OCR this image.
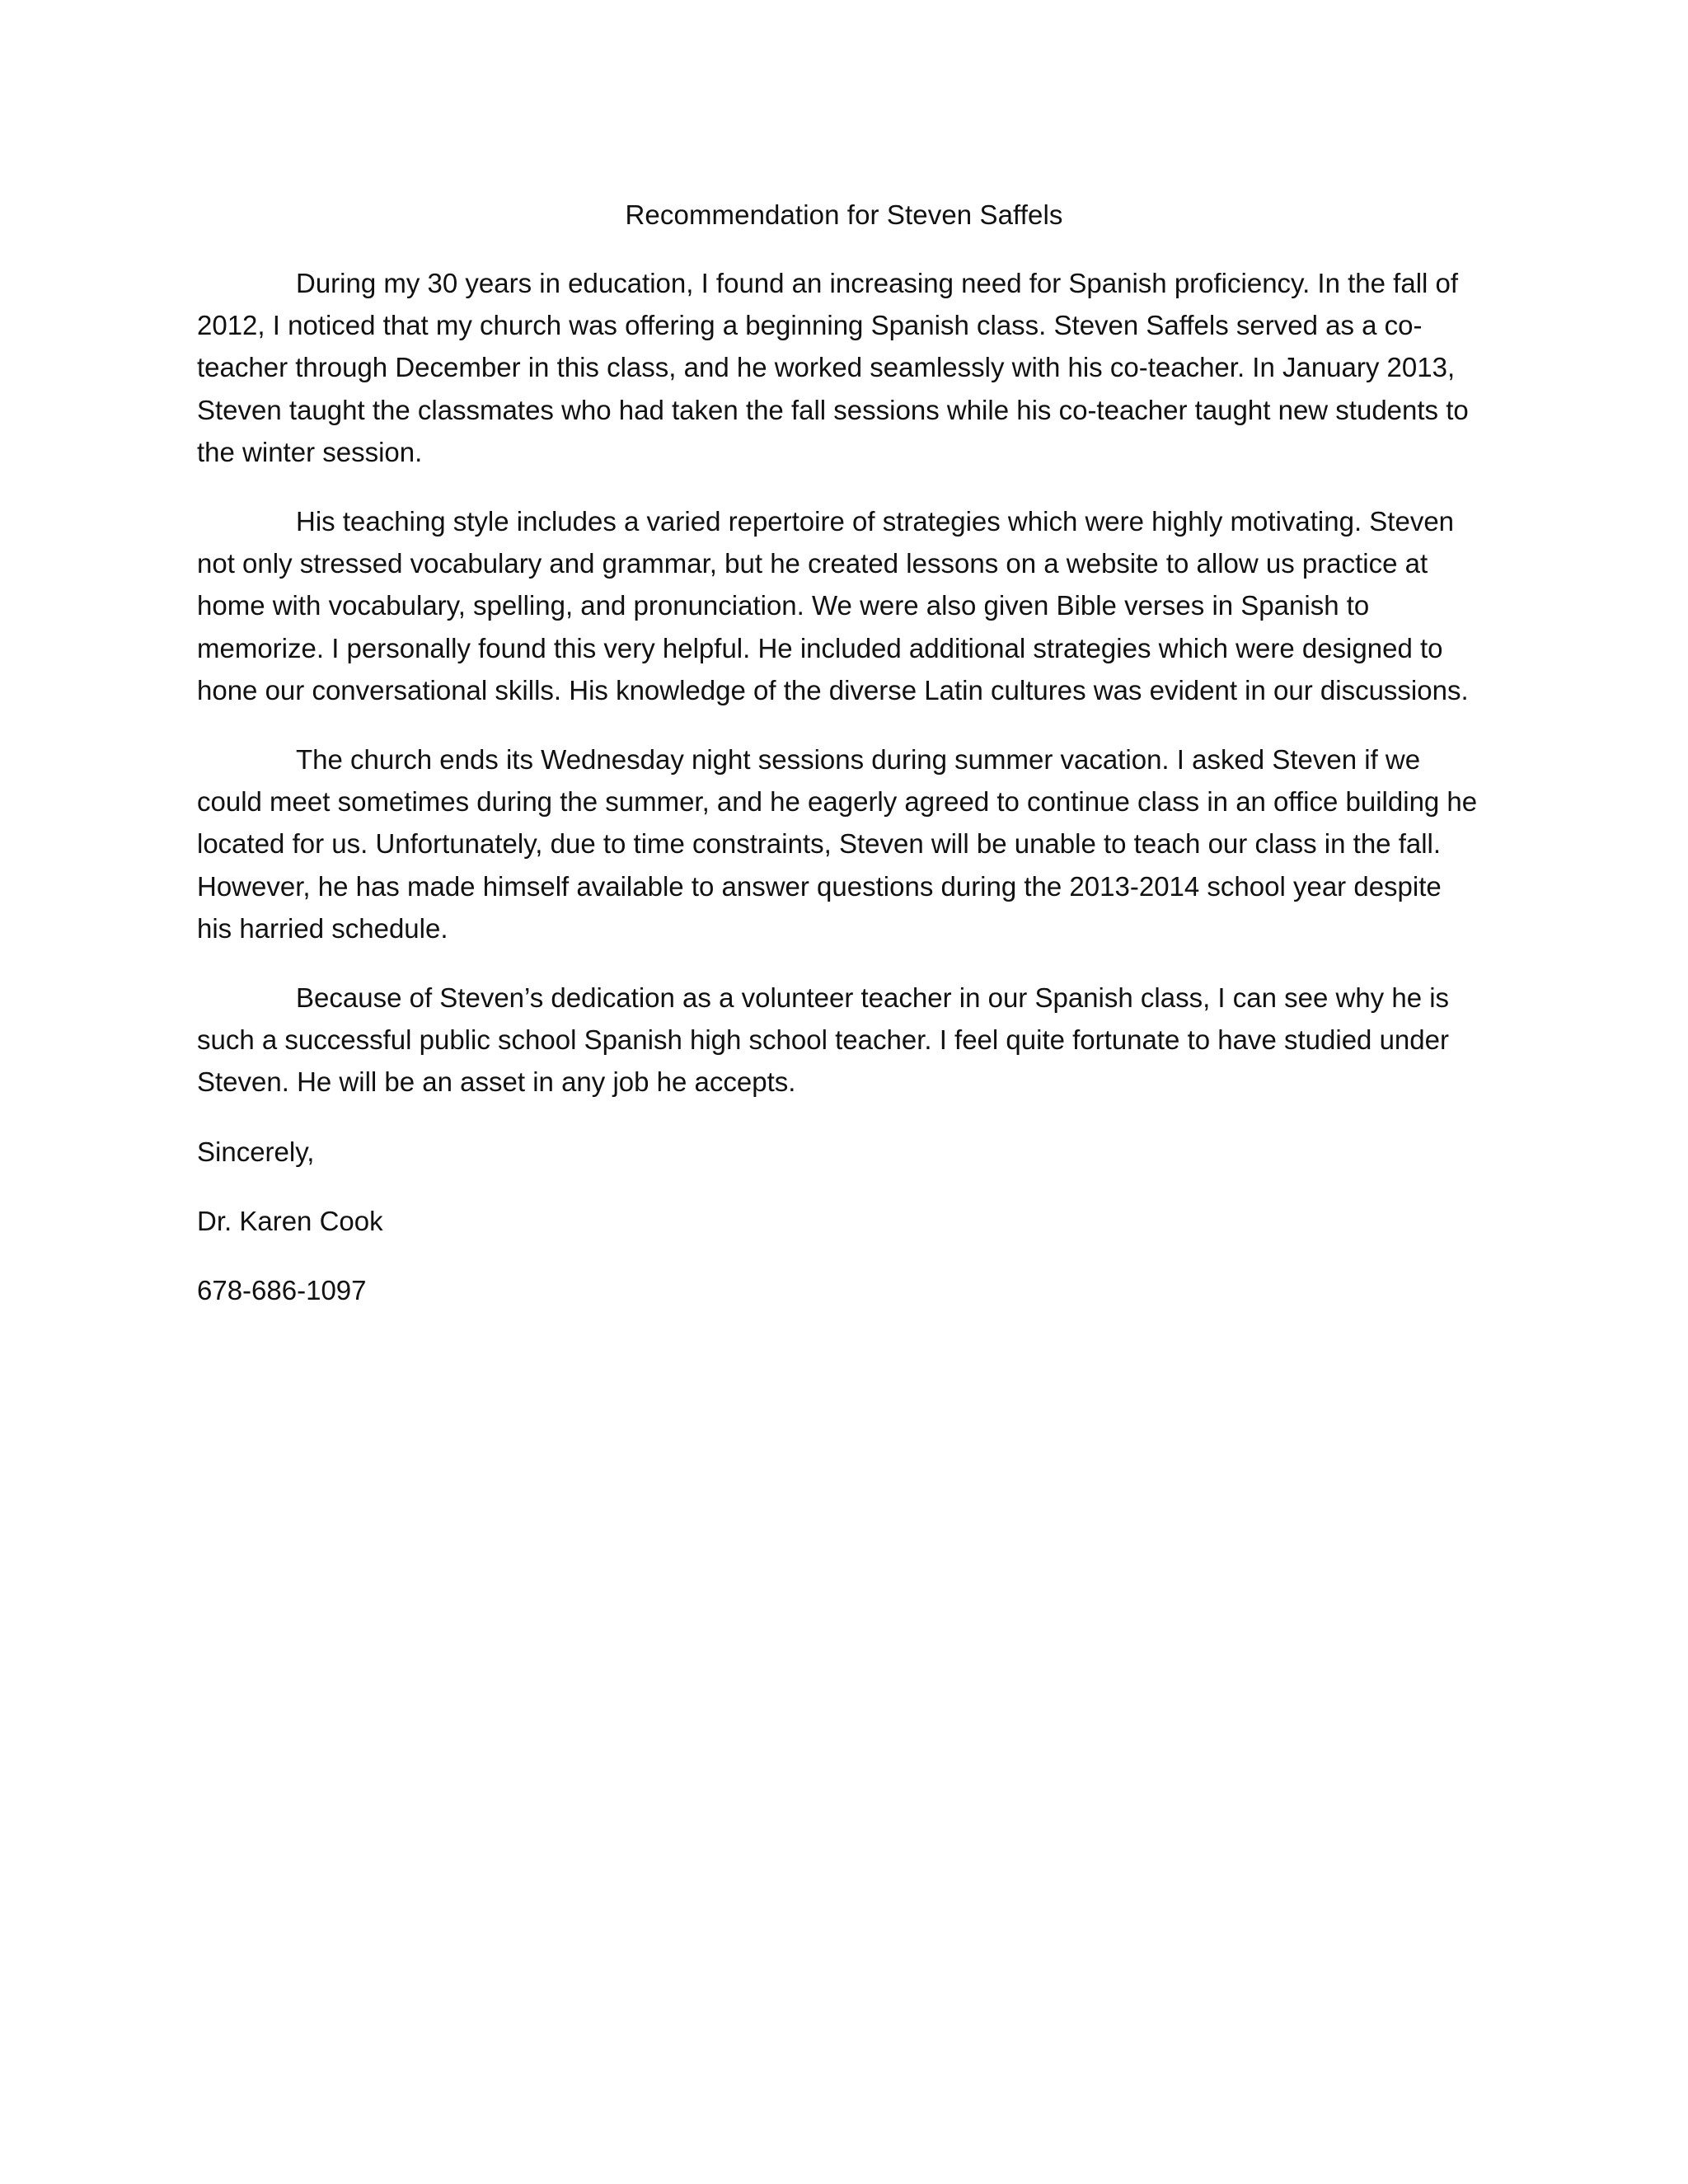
Recommendation for Steven Saffels

During my 30 years in education, I found an increasing need for Spanish proficiency. In the fall of 2012, I noticed that my church was offering a beginning Spanish class. Steven Saffels served as a co-teacher through December in this class, and he worked seamlessly with his co-teacher. In January 2013, Steven taught the classmates who had taken the fall sessions while his co-teacher taught new students to the winter session.

His teaching style includes a varied repertoire of strategies which were highly motivating. Steven not only stressed vocabulary and grammar, but he created lessons on a website to allow us practice at home with vocabulary, spelling, and pronunciation. We were also given Bible verses in Spanish to memorize. I personally found this very helpful. He included additional strategies which were designed to hone our conversational skills. His knowledge of the diverse Latin cultures was evident in our discussions.

The church ends its Wednesday night sessions during summer vacation. I asked Steven if we could meet sometimes during the summer, and he eagerly agreed to continue class in an office building he located for us. Unfortunately, due to time constraints, Steven will be unable to teach our class in the fall. However, he has made himself available to answer questions during the 2013-2014 school year despite his harried schedule.

Because of Steven’s dedication as a volunteer teacher in our Spanish class, I can see why he is such a successful public school Spanish high school teacher. I feel quite fortunate to have studied under Steven. He will be an asset in any job he accepts.

Sincerely,

Dr. Karen Cook

678-686-1097
